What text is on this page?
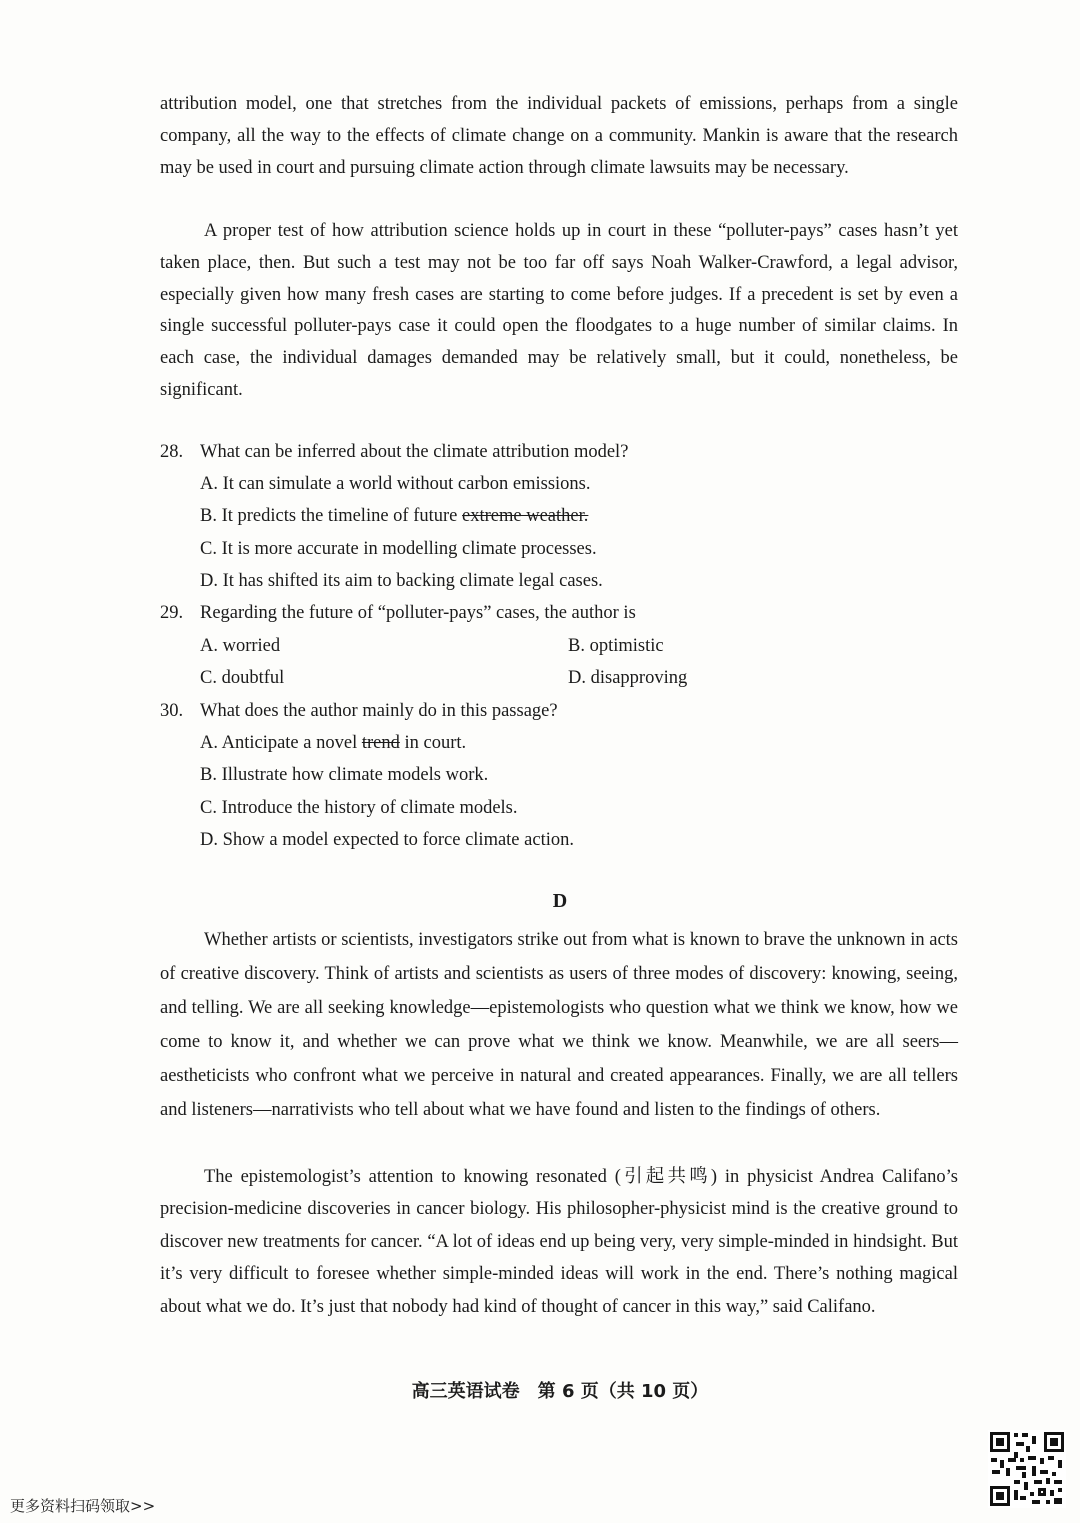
attribution model, one that stretches from the individual packets of emissions, perhaps from a single company, all the way to the effects of climate change on a community. Mankin is aware that the research may be used in court and pursuing climate action through climate lawsuits may be necessary.

A proper test of how attribution science holds up in court in these “polluter-pays” cases hasn’t yet taken place, then. But such a test may not be too far off says Noah Walker-Crawford, a legal advisor, especially given how many fresh cases are starting to come before judges. If a precedent is set by even a single successful polluter-pays case it could open the floodgates to a huge number of similar claims. In each case, the individual damages demanded may be relatively small, but it could, nonetheless, be significant.

28. What can be inferred about the climate attribution model?

A. It can simulate a world without carbon emissions.
B. It predicts the timeline of future extreme weather.
C. It is more accurate in modelling climate processes.
D. It has shifted its aim to backing climate legal cases.

29. Regarding the future of “polluter-pays” cases, the author is

A. worried	B. optimistic
C. doubtful	D. disapproving

30. What does the author mainly do in this passage?

A. Anticipate a novel trend in court.
B. Illustrate how climate models work.
C. Introduce the history of climate models.
D. Show a model expected to force climate action.
D

Whether artists or scientists, investigators strike out from what is known to brave the unknown in acts of creative discovery. Think of artists and scientists as users of three modes of discovery: knowing, seeing, and telling. We are all seeking knowledge—epistemologists who question what we think we know, how we come to know it, and whether we can prove what we think we know. Meanwhile, we are all seers—aestheticists who confront what we perceive in natural and created appearances. Finally, we are all tellers and listeners—narrativists who tell about what we have found and listen to the findings of others.

The epistemologist’s attention to knowing resonated (引起共鸣) in physicist Andrea Califano’s precision-medicine discoveries in cancer biology. His philosopher-physicist mind is the creative ground to discover new treatments for cancer. “A lot of ideas end up being very, very simple-minded in hindsight. But it’s very difficult to foresee whether simple-minded ideas will work in the end. There’s nothing magical about what we do. It’s just that nobody had kind of thought of cancer in this way,” said Califano.

高三英语试卷　第 6 页（共 10 页）
更多资料扫码领取>>
